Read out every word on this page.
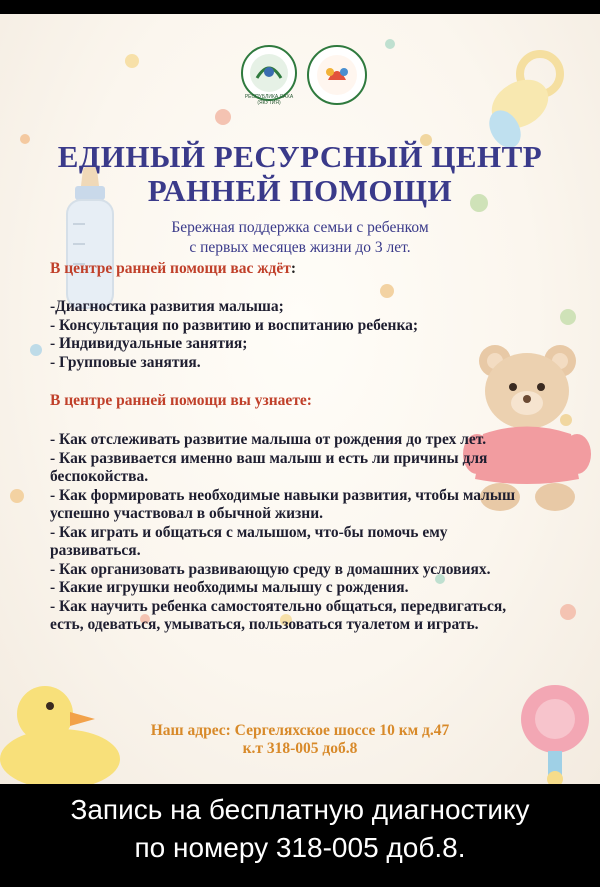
РЕСПУБЛИКА САХА (ЯКУТИЯ)
ЕДИНЫЙ РЕСУРСНЫЙ ЦЕНТР
РАННЕЙ ПОМОЩИ
Бережная поддержка семьи с ребенком
с первых месяцев жизни до 3 лет.
В центре ранней помощи вас ждёт:
-Диагностика развития малыша;
- Консультация по развитию и воспитанию ребенка;
- Индивидуальные занятия;
- Групповые занятия.
В центре ранней помощи вы узнаете:
- Как отслеживать развитие малыша от рождения до трех лет.
- Как развивается именно ваш малыш и есть ли причины для беспокойства.
- Как формировать необходимые навыки развития, чтобы малыш успешно участвовал в обычной жизни.
- Как играть и общаться с малышом, что-бы помочь ему развиваться.
- Как организовать развивающую среду в домашних условиях.
- Какие игрушки необходимы малышу с рождения.
- Как научить ребенка самостоятельно общаться, передвигаться, есть, одеваться, умываться, пользоваться туалетом и играть.
Наш адрес: Сергеляхское шоссе 10 км д.47
к.т 318-005 доб.8
Запись на бесплатную диагностику
по номеру 318-005 доб.8.
